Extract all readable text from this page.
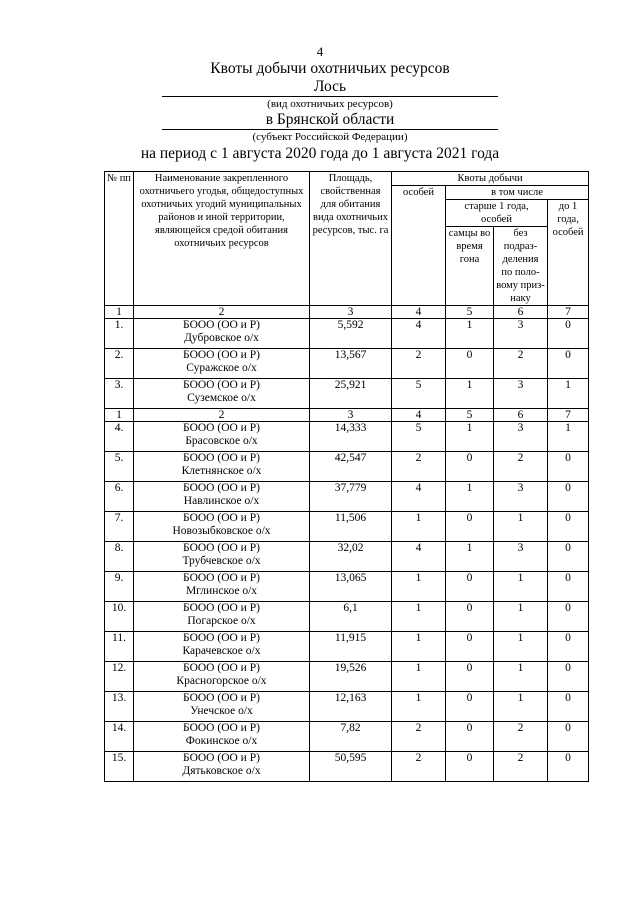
4
Квоты добычи охотничьих ресурсов
Лось
(вид охотничьих ресурсов)
в Брянской области
(субъект Российской Федерации)
на период с 1 августа 2020 года до 1 августа 2021 года
№ пп	Наименование закрепленного охотничьего угодья, общедоступных охотничьих угодий муниципальных районов и иной территории, являющейся средой обитания охотничьих ресурсов	Площадь, свойственная для обитания вида охотничьих ресурсов, тыс. га	Квоты добычи			
			особей	в том числе		
				старше 1 года, особей		до 1 года, особей
				самцы во время гона	без подраз-деления по поло-вому приз-наку	
1	2	3	4	5	6	7
1.	БООО (ОО и Р)
Дубровское о/х	5,592	4	1	3	0
2.	БООО (ОО и Р)
Суражское о/х	13,567	2	0	2	0
3.	БООО (ОО и Р)
Суземское о/х	25,921	5	1	3	1
1	2	3	4	5	6	7
4.	БООО (ОО и Р)
Брасовское о/х	14,333	5	1	3	1
5.	БООО (ОО и Р)
Клетнянское о/х	42,547	2	0	2	0
6.	БООО (ОО и Р)
Навлинское о/х	37,779	4	1	3	0
7.	БООО (ОО и Р)
Новозыбковское о/х	11,506	1	0	1	0
8.	БООО (ОО и Р)
Трубчевское о/х	32,02	4	1	3	0
9.	БООО (ОО и Р)
Мглинское о/х	13,065	1	0	1	0
10.	БООО (ОО и Р)
Погарское о/х	6,1	1	0	1	0
11.	БООО (ОО и Р)
Карачевское о/х	11,915	1	0	1	0
12.	БООО (ОО и Р)
Красногорское о/х	19,526	1	0	1	0
13.	БООО (ОО и Р)
Унечское о/х	12,163	1	0	1	0
14.	БООО (ОО и Р)
Фокинское о/х	7,82	2	0	2	0
15.	БООО (ОО и Р)
Дятьковское о/х	50,595	2	0	2	0
